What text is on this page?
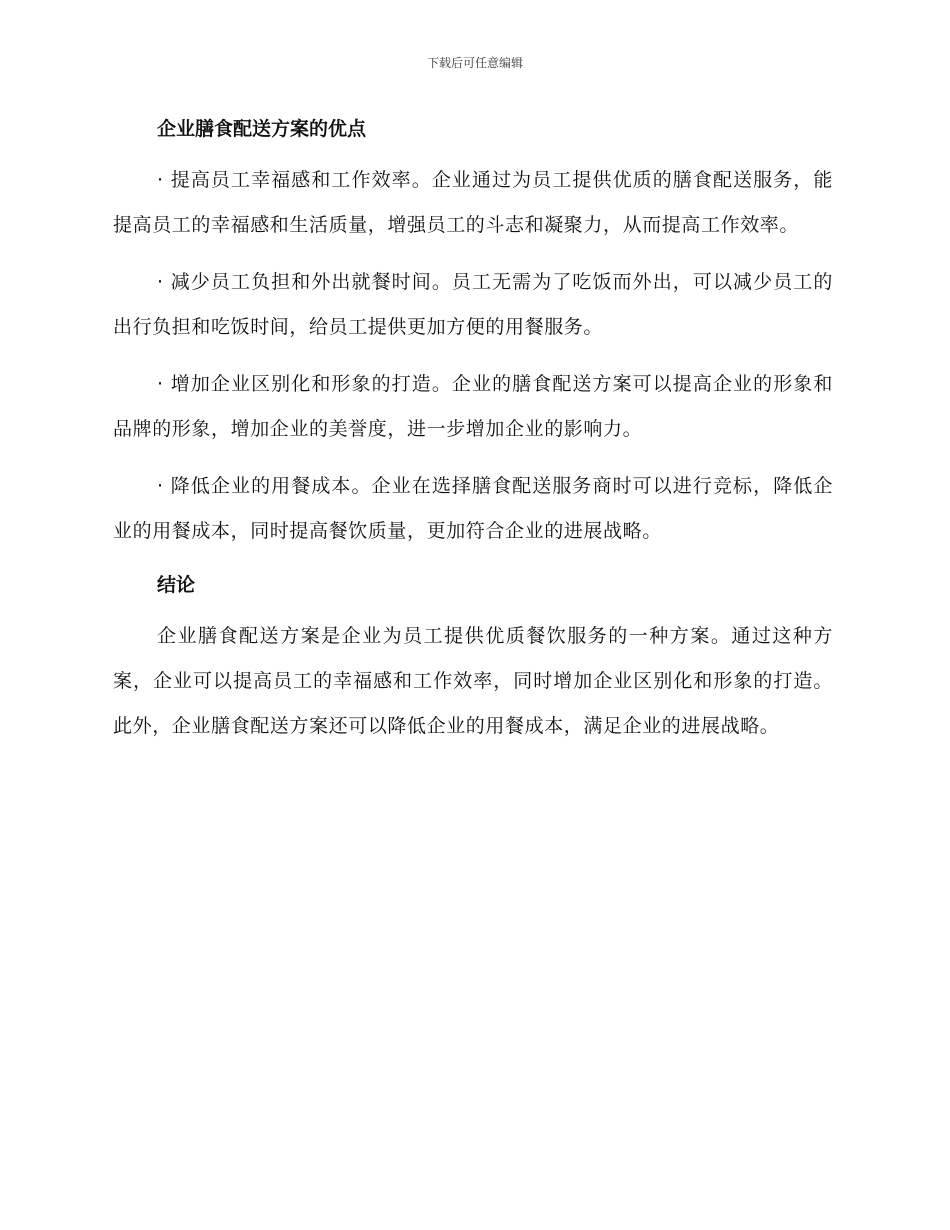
下载后可任意编辑
企业膳食配送方案的优点

· 提高员工幸福感和工作效率。企业通过为员工提供优质的膳食配送服务，能提高员工的幸福感和生活质量，增强员工的斗志和凝聚力，从而提高工作效率。

· 减少员工负担和外出就餐时间。员工无需为了吃饭而外出，可以减少员工的出行负担和吃饭时间，给员工提供更加方便的用餐服务。

· 增加企业区别化和形象的打造。企业的膳食配送方案可以提高企业的形象和品牌的形象，增加企业的美誉度，进一步增加企业的影响力。

· 降低企业的用餐成本。企业在选择膳食配送服务商时可以进行竞标，降低企业的用餐成本，同时提高餐饮质量，更加符合企业的进展战略。

结论

企业膳食配送方案是企业为员工提供优质餐饮服务的一种方案。通过这种方案，企业可以提高员工的幸福感和工作效率，同时增加企业区别化和形象的打造。此外，企业膳食配送方案还可以降低企业的用餐成本，满足企业的进展战略。
